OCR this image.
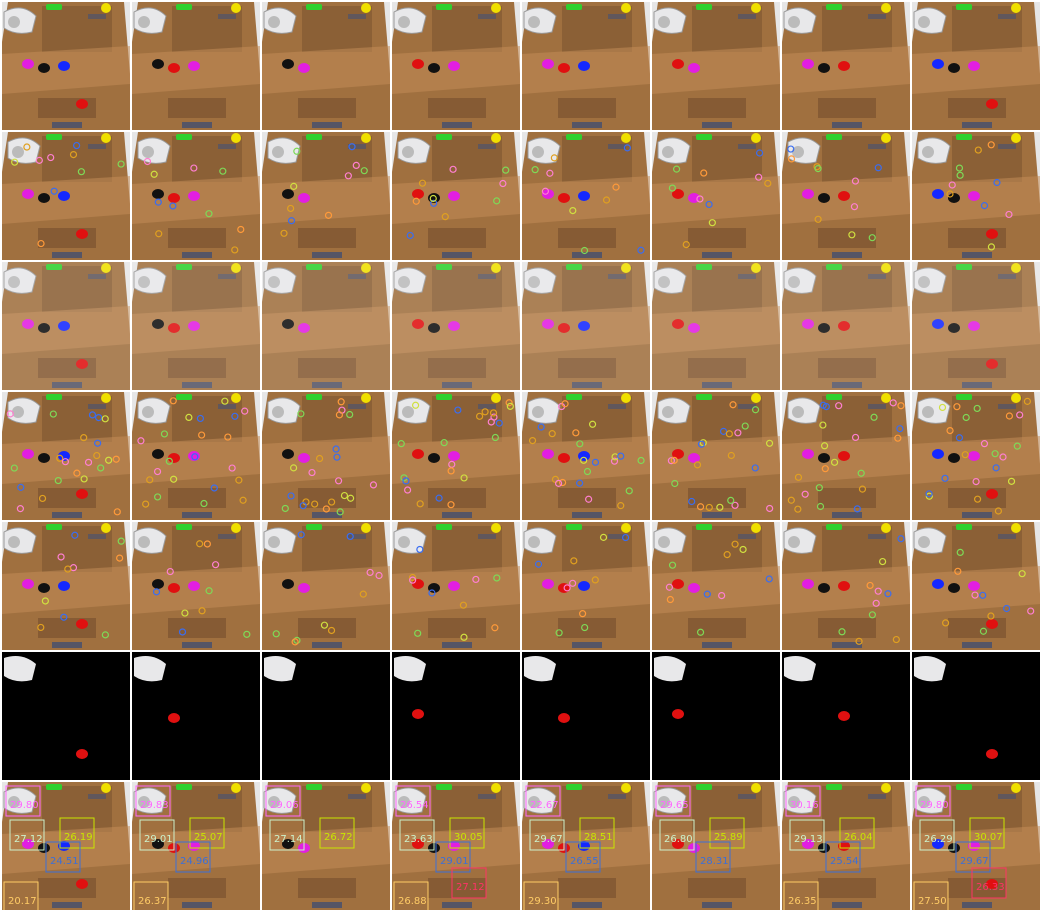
29.80
27.12 26.19
24.51
20.17
29.83
29.01 25.07
24.96
26.37
29.06
27.14 26.72
26.54
23.63 30.05
29.01
26.88
27.12
22.67
29.67 28.51
26.55
29.30
29.65
26.80 25.89
28.31
30.16
29.13 26.04
25.54
26.35
29.80
26.29 30.07
29.67
27.50
26.33
